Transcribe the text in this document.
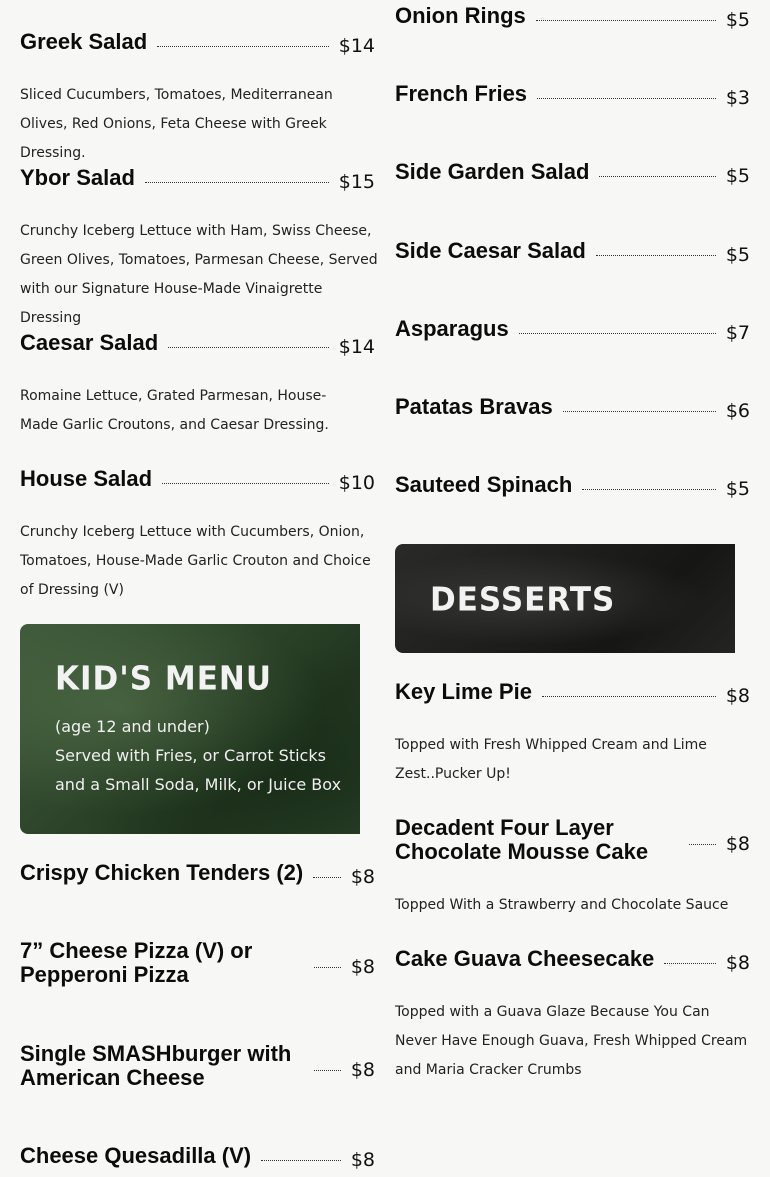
Greek Salad	$14
Sliced Cucumbers, Tomatoes, Mediterranean Olives, Red Onions, Feta Cheese with Greek Dressing.
Ybor Salad	$15
Crunchy Iceberg Lettuce with Ham, Swiss Cheese, Green Olives, Tomatoes, Parmesan Cheese, Served with our Signature House-Made Vinaigrette Dressing
Caesar Salad	$14
Romaine Lettuce, Grated Parmesan, House-Made Garlic Croutons, and Caesar Dressing.
House Salad	$10
Crunchy Iceberg Lettuce with Cucumbers, Onion, Tomatoes, House-Made Garlic Crouton and Choice of Dressing (V)
Crispy Chicken Tenders (2)	$8
7” Cheese Pizza (V) or Pepperoni Pizza	$8
Single SMASHburger with American Cheese	$8
Cheese Quesadilla (V)	$8
KID'S MENU
(age 12 and under)
Served with Fries, or Carrot Sticks
and a Small Soda, Milk, or Juice Box
Onion Rings	$5
French Fries	$3
Side Garden Salad	$5
Side Caesar Salad	$5
Asparagus	$7
Patatas Bravas	$6
Sauteed Spinach	$5
Key Lime Pie	$8
Topped with Fresh Whipped Cream and Lime Zest..Pucker Up!
Decadent Four Layer Chocolate Mousse Cake	$8
Topped With a Strawberry and Chocolate Sauce
Cake Guava Cheesecake	$8
Topped with a Guava Glaze Because You Can Never Have Enough Guava, Fresh Whipped Cream and Maria Cracker Crumbs
DESSERTS
